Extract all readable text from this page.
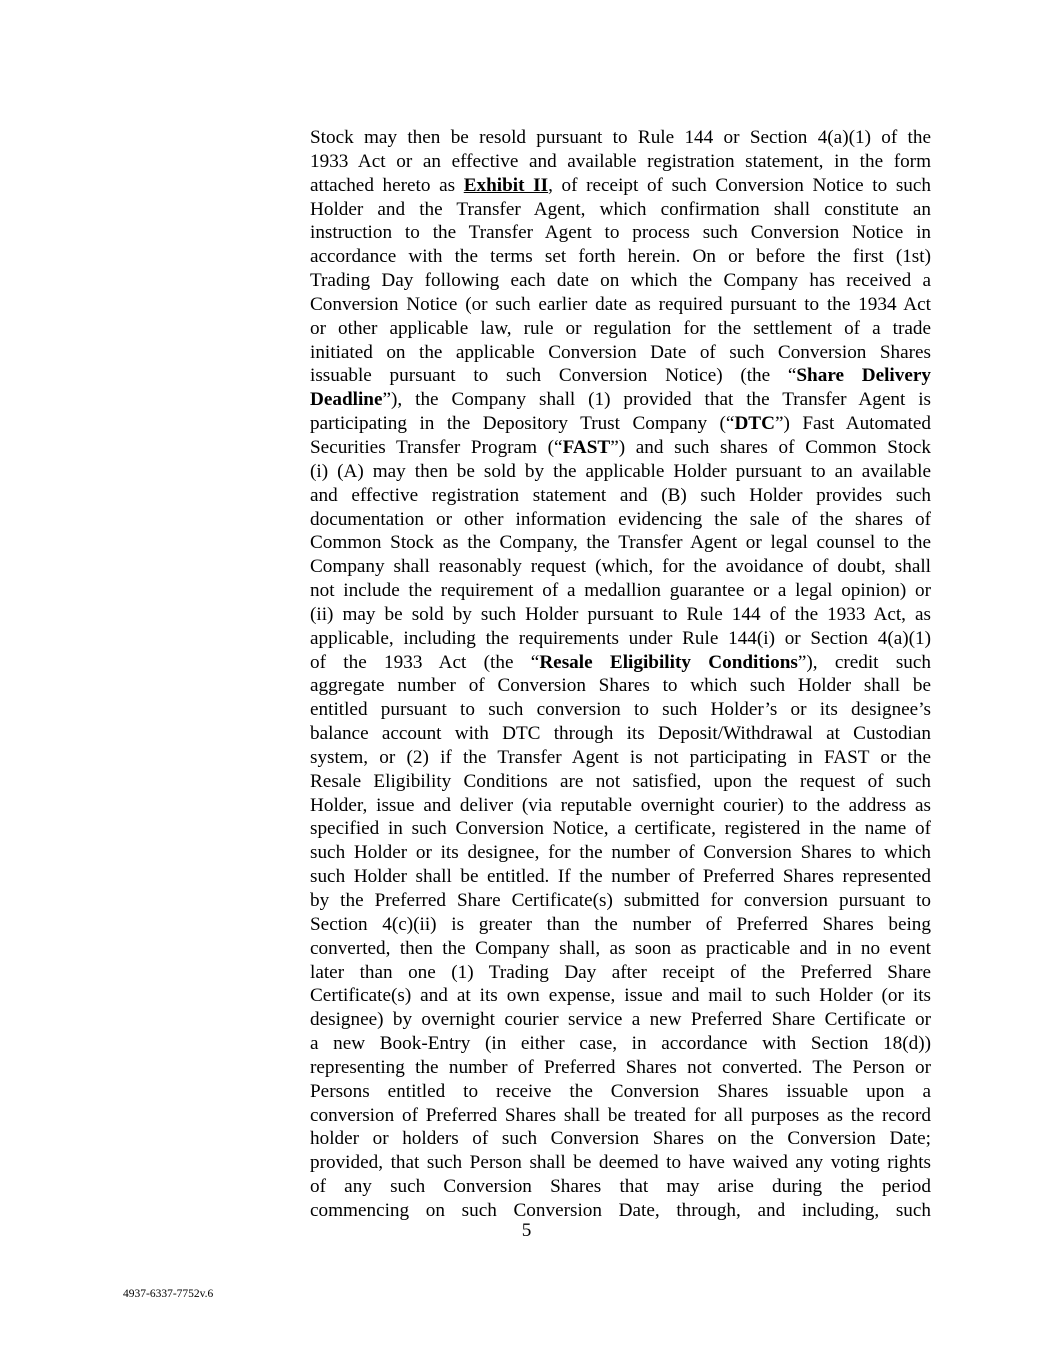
Stock may then be resold pursuant to Rule 144 or Section 4(a)(1) of the
1933 Act or an effective and available registration statement, in the form
attached hereto as Exhibit II, of receipt of such Conversion Notice to such
Holder and the Transfer Agent, which confirmation shall constitute an
instruction to the Transfer Agent to process such Conversion Notice in
accordance with the terms set forth herein. On or before the first (1st)
Trading Day following each date on which the Company has received a
Conversion Notice (or such earlier date as required pursuant to the 1934 Act
or other applicable law, rule or regulation for the settlement of a trade
initiated on the applicable Conversion Date of such Conversion Shares
issuable pursuant to such Conversion Notice) (the “Share Delivery
Deadline”), the Company shall (1) provided that the Transfer Agent is
participating in the Depository Trust Company (“DTC”) Fast Automated
Securities Transfer Program (“FAST”) and such shares of Common Stock
(i) (A) may then be sold by the applicable Holder pursuant to an available
and effective registration statement and (B) such Holder provides such
documentation or other information evidencing the sale of the shares of
Common Stock as the Company, the Transfer Agent or legal counsel to the
Company shall reasonably request (which, for the avoidance of doubt, shall
not include the requirement of a medallion guarantee or a legal opinion) or
(ii) may be sold by such Holder pursuant to Rule 144 of the 1933 Act, as
applicable, including the requirements under Rule 144(i) or Section 4(a)(1)
of the 1933 Act (the “Resale Eligibility Conditions”), credit such
aggregate number of Conversion Shares to which such Holder shall be
entitled pursuant to such conversion to such Holder’s or its designee’s
balance account with DTC through its Deposit/Withdrawal at Custodian
system, or (2) if the Transfer Agent is not participating in FAST or the
Resale Eligibility Conditions are not satisfied, upon the request of such
Holder, issue and deliver (via reputable overnight courier) to the address as
specified in such Conversion Notice, a certificate, registered in the name of
such Holder or its designee, for the number of Conversion Shares to which
such Holder shall be entitled. If the number of Preferred Shares represented
by the Preferred Share Certificate(s) submitted for conversion pursuant to
Section 4(c)(ii) is greater than the number of Preferred Shares being
converted, then the Company shall, as soon as practicable and in no event
later than one (1) Trading Day after receipt of the Preferred Share
Certificate(s) and at its own expense, issue and mail to such Holder (or its
designee) by overnight courier service a new Preferred Share Certificate or
a new Book-Entry (in either case, in accordance with Section 18(d))
representing the number of Preferred Shares not converted. The Person or
Persons entitled to receive the Conversion Shares issuable upon a
conversion of Preferred Shares shall be treated for all purposes as the record
holder or holders of such Conversion Shares on the Conversion Date;
provided, that such Person shall be deemed to have waived any voting rights
of any such Conversion Shares that may arise during the period
commencing on such Conversion Date, through, and including, such
5
4937-6337-7752v.6
